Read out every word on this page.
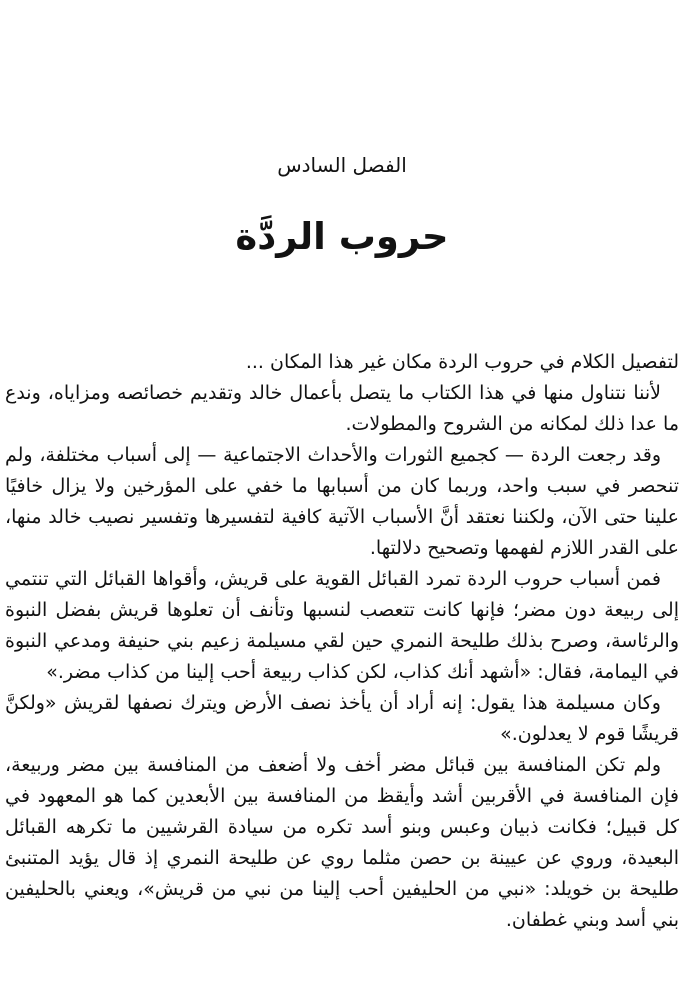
الفصل السادس
حروب الردَّة

لتفصيل الكلام في حروب الردة مكان غير هذا المكان ...

لأننا نتناول منها في هذا الكتاب ما يتصل بأعمال خالد وتقديم خصائصه ومزاياه، وندع ما عدا ذلك لمكانه من الشروح والمطولات.

وقد رجعت الردة — كجميع الثورات والأحداث الاجتماعية — إلى أسباب مختلفة، ولم تنحصر في سبب واحد، وربما كان من أسبابها ما خفي على المؤرخين ولا يزال خافيًا علينا حتى الآن، ولكننا نعتقد أنَّ الأسباب الآتية كافية لتفسيرها وتفسير نصيب خالد منها، على القدر اللازم لفهمها وتصحيح دلالتها.

فمن أسباب حروب الردة تمرد القبائل القوية على قريش، وأقواها القبائل التي تنتمي إلى ربيعة دون مضر؛ فإنها كانت تتعصب لنسبها وتأنف أن تعلوها قريش بفضل النبوة والرئاسة، وصرح بذلك طليحة النمري حين لقي مسيلمة زعيم بني حنيفة ومدعي النبوة في اليمامة، فقال: «أشهد أنك كذاب، لكن كذاب ربيعة أحب إلينا من كذاب مضر.»

وكان مسيلمة هذا يقول: إنه أراد أن يأخذ نصف الأرض ويترك نصفها لقريش «ولكنَّ قريشًا قوم لا يعدلون.»

ولم تكن المنافسة بين قبائل مضر أخف ولا أضعف من المنافسة بين مضر وربيعة، فإن المنافسة في الأقربين أشد وأيقظ من المنافسة بين الأبعدين كما هو المعهود في كل قبيل؛ فكانت ذبيان وعبس وبنو أسد تكره من سيادة القرشيين ما تكرهه القبائل البعيدة، وروي عن عيينة بن حصن مثلما روي عن طليحة النمري إذ قال يؤيد المتنبئ طليحة بن خويلد: «نبي من الحليفين أحب إلينا من نبي من قريش»، ويعني بالحليفين بني أسد وبني غطفان.
